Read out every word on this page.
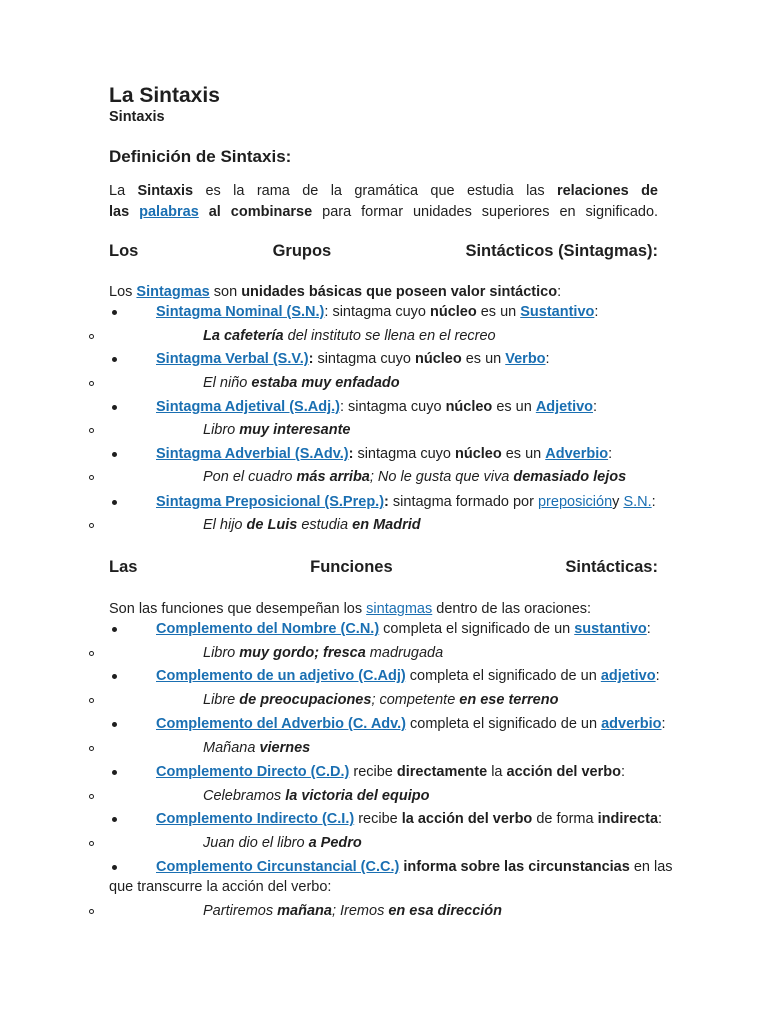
La Sintaxis
Sintaxis
Definición de Sintaxis:
La Sintaxis es la rama de la gramática que estudia las relaciones de
las palabras al combinarse para formar unidades superiores en significado.
Los	Grupos	Sintácticos (Sintagmas):
Los Sintagmas son unidades básicas que poseen valor sintáctico:
Sintagma Nominal (S.N.): sintagma cuyo núcleo es un Sustantivo:
La cafetería del instituto se llena en el recreo
Sintagma Verbal (S.V.): sintagma cuyo núcleo es un Verbo:
El niño estaba muy enfadado
Sintagma Adjetival (S.Adj.): sintagma cuyo núcleo es un Adjetivo:
Libro muy interesante
Sintagma Adverbial (S.Adv.): sintagma cuyo núcleo es un Adverbio:
Pon el cuadro más arriba; No le gusta que viva demasiado lejos
Sintagma Preposicional (S.Prep.): sintagma formado por preposicióny S.N.:
El hijo de Luis estudia en Madrid
Las	Funciones	Sintácticas:
Son las funciones que desempeñan los sintagmas dentro de las oraciones:
Complemento del Nombre (C.N.) completa el significado de un sustantivo:
Libro muy gordo; fresca madrugada
Complemento de un adjetivo (C.Adj) completa el significado de un adjetivo:
Libre de preocupaciones; competente en ese terreno
Complemento del Adverbio (C. Adv.) completa el significado de un adverbio:
Mañana viernes
Complemento Directo (C.D.) recibe directamente la acción del verbo:
Celebramos la victoria del equipo
Complemento Indirecto (C.I.) recibe la acción del verbo de forma indirecta:
Juan dio el libro a Pedro
Complemento Circunstancial (C.C.) informa sobre las circunstancias en las
que transcurre la acción del verbo:
Partiremos mañana; Iremos en esa dirección
